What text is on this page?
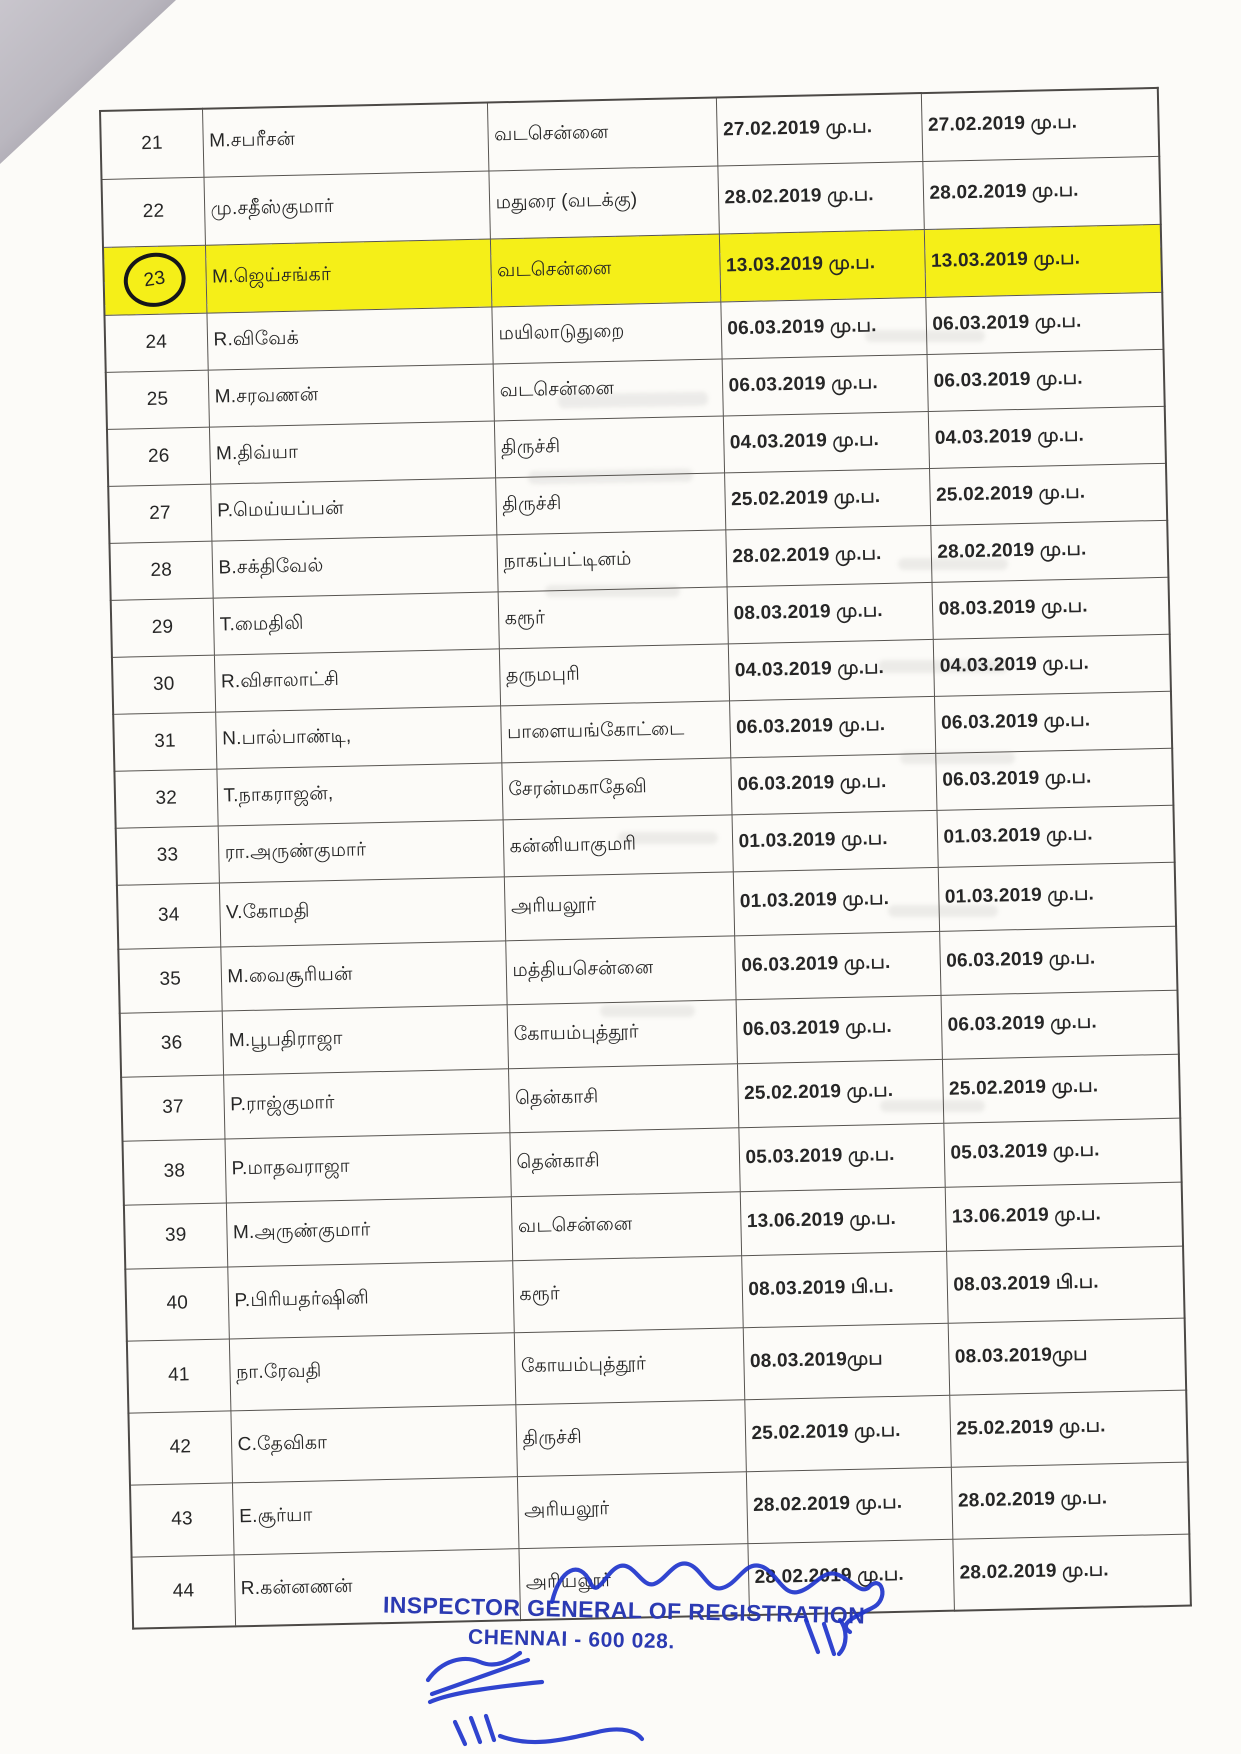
21	M.சபரீசன்	வடசென்னை	27.02.2019 மு.ப.	27.02.2019 மு.ப.
22	மு.சதீஸ்குமார்	மதுரை (வடக்கு)	28.02.2019 மு.ப.	28.02.2019 மு.ப.
23	M.ஜெய்சங்கர்	வடசென்னை	13.03.2019 மு.ப.	13.03.2019 மு.ப.
24	R.விவேக்	மயிலாடுதுறை	06.03.2019 மு.ப.	06.03.2019 மு.ப.
25	M.சரவணன்	வடசென்னை	06.03.2019 மு.ப.	06.03.2019 மு.ப.
26	M.திவ்யா	திருச்சி	04.03.2019 மு.ப.	04.03.2019 மு.ப.
27	P.மெய்யப்பன்	திருச்சி	25.02.2019 மு.ப.	25.02.2019 மு.ப.
28	B.சக்திவேல்	நாகப்பட்டினம்	28.02.2019 மு.ப.	28.02.2019 மு.ப.
29	T.மைதிலி	கரூர்	08.03.2019 மு.ப.	08.03.2019 மு.ப.
30	R.விசாலாட்சி	தருமபுரி	04.03.2019 மு.ப.	04.03.2019 மு.ப.
31	N.பால்பாண்டி,	பாளையங்கோட்டை	06.03.2019 மு.ப.	06.03.2019 மு.ப.
32	T.நாகராஜன்,	சேரன்மகாதேவி	06.03.2019 மு.ப.	06.03.2019 மு.ப.
33	ரா.அருண்குமார்	கன்னியாகுமரி	01.03.2019 மு.ப.	01.03.2019 மு.ப.
34	V.கோமதி	அரியலூர்	01.03.2019 மு.ப.	01.03.2019 மு.ப.
35	M.வைசூரியன்	மத்தியசென்னை	06.03.2019 மு.ப.	06.03.2019 மு.ப.
36	M.பூபதிராஜா	கோயம்புத்தூர்	06.03.2019 மு.ப.	06.03.2019 மு.ப.
37	P.ராஜ்குமார்	தென்காசி	25.02.2019 மு.ப.	25.02.2019 மு.ப.
38	P.மாதவராஜா	தென்காசி	05.03.2019 மு.ப.	05.03.2019 மு.ப.
39	M.அருண்குமார்	வடசென்னை	13.06.2019 மு.ப.	13.06.2019 மு.ப.
40	P.பிரியதர்ஷினி	கரூர்	08.03.2019 பி.ப.	08.03.2019 பி.ப.
41	நா.ரேவதி	கோயம்புத்தூர்	08.03.2019முப	08.03.2019முப
42	C.தேவிகா	திருச்சி	25.02.2019 மு.ப.	25.02.2019 மு.ப.
43	E.சூர்யா	அரியலூர்	28.02.2019 மு.ப.	28.02.2019 மு.ப.
44	R.கன்னணன்	அரியலூர்	28.02.2019 மு.ப.	28.02.2019 மு.ப.
INSPECTOR GENERAL OF REGISTRATION
CHENNAI - 600 028.
